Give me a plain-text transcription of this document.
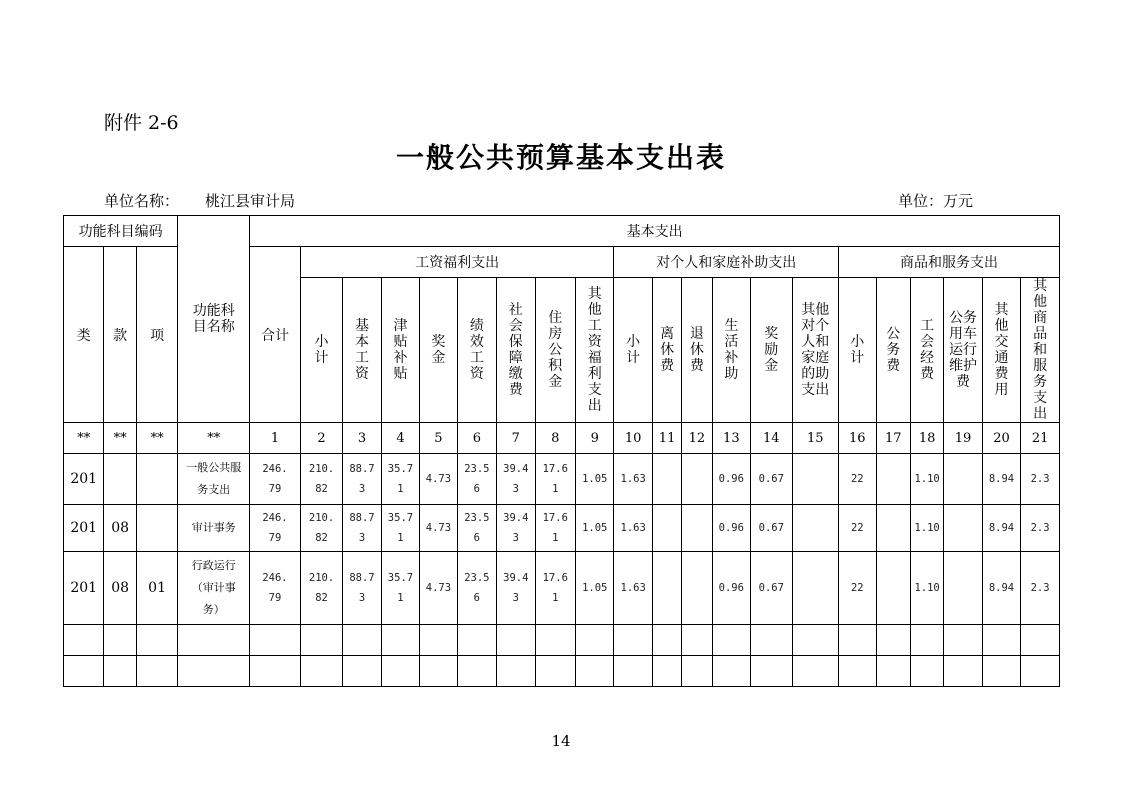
附件 2-6
一般公共预算基本支出表
单位名称： 桃江县审计局	单位：万元
功能科目编码			功能科目名称	基本支出																				
类	款	项		合计	工资福利支出								对个人和家庭补助支出						商品和服务支出					
					小计	基本工资	津贴补贴	奖金	绩效工资	社会保障缴费	住房公积金	其他工资福利支出	小计	离休费	退休费	生活补助	奖励金	其他对个人和家庭的助支出	小计	公务费	工会经费	公务用车运行维护费	其他交通费用	其他商品和服务支出
**	**	**	**	1	2	3	4	5	6	7	8	9	10	11	12	13	14	15	16	17	18	19	20	21
201			一般公共服务支出	246.79	210.82	88.73	35.71	4.73	23.56	39.43	17.61	1.05	1.63			0.96	0.67		22		1.10		8.94	2.3
201	08		审计事务	246.79	210.82	88.73	35.71	4.73	23.56	39.43	17.61	1.05	1.63			0.96	0.67		22		1.10		8.94	2.3
201	08	01	行政运行（审计事务）	246.79	210.82	88.73	35.71	4.73	23.56	39.43	17.61	1.05	1.63			0.96	0.67		22		1.10		8.94	2.3

14
